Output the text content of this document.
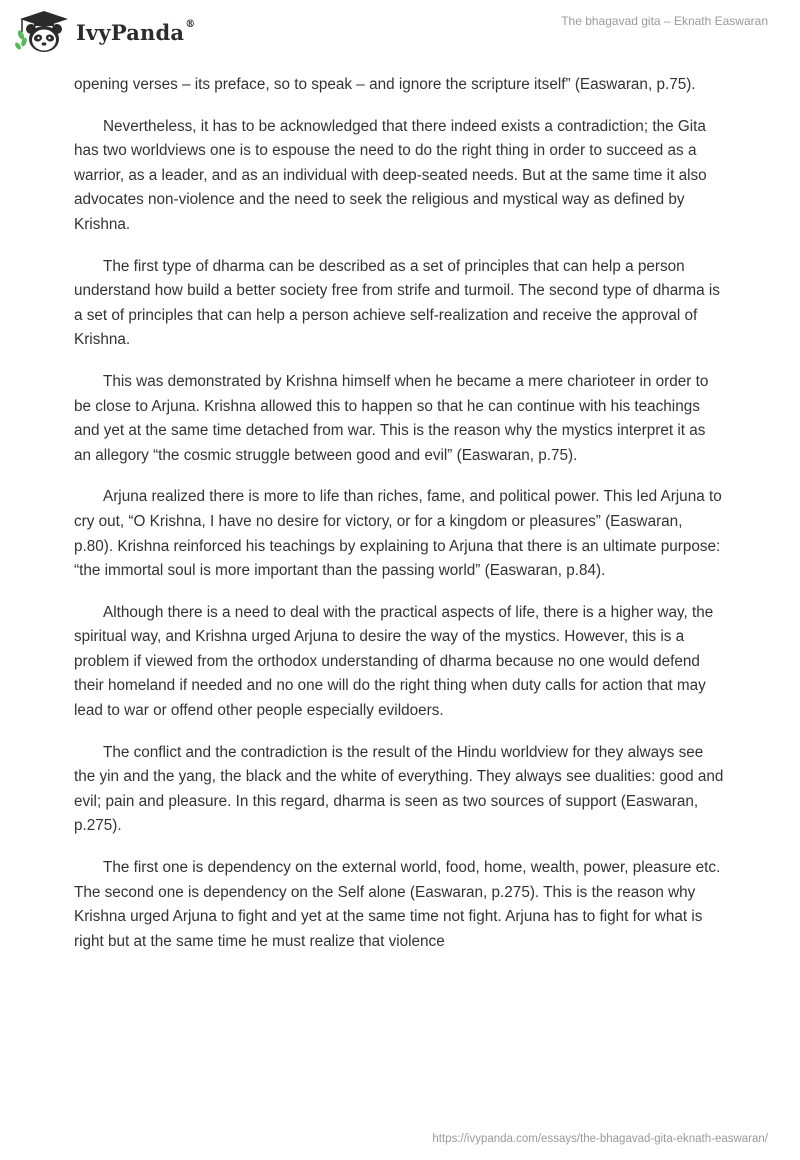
IvyPanda®	The bhagavad gita – Eknath Easwaran

opening verses – its preface, so to speak – and ignore the scripture itself” (Easwaran, p.75).

Nevertheless, it has to be acknowledged that there indeed exists a contradiction; the Gita has two worldviews one is to espouse the need to do the right thing in order to succeed as a warrior, as a leader, and as an individual with deep-seated needs. But at the same time it also advocates non-violence and the need to seek the religious and mystical way as defined by Krishna.

The first type of dharma can be described as a set of principles that can help a person understand how build a better society free from strife and turmoil. The second type of dharma is a set of principles that can help a person achieve self-realization and receive the approval of Krishna.

This was demonstrated by Krishna himself when he became a mere charioteer in order to be close to Arjuna. Krishna allowed this to happen so that he can continue with his teachings and yet at the same time detached from war. This is the reason why the mystics interpret it as an allegory “the cosmic struggle between good and evil” (Easwaran, p.75).

Arjuna realized there is more to life than riches, fame, and political power. This led Arjuna to cry out, “O Krishna, I have no desire for victory, or for a kingdom or pleasures” (Easwaran, p.80). Krishna reinforced his teachings by explaining to Arjuna that there is an ultimate purpose: “the immortal soul is more important than the passing world” (Easwaran, p.84).

Although there is a need to deal with the practical aspects of life, there is a higher way, the spiritual way, and Krishna urged Arjuna to desire the way of the mystics. However, this is a problem if viewed from the orthodox understanding of dharma because no one would defend their homeland if needed and no one will do the right thing when duty calls for action that may lead to war or offend other people especially evildoers.

The conflict and the contradiction is the result of the Hindu worldview for they always see the yin and the yang, the black and the white of everything. They always see dualities: good and evil; pain and pleasure. In this regard, dharma is seen as two sources of support (Easwaran, p.275).

The first one is dependency on the external world, food, home, wealth, power, pleasure etc. The second one is dependency on the Self alone (Easwaran, p.275). This is the reason why Krishna urged Arjuna to fight and yet at the same time not fight. Arjuna has to fight for what is right but at the same time he must realize that violence

https://ivypanda.com/essays/the-bhagavad-gita-eknath-easwaran/
